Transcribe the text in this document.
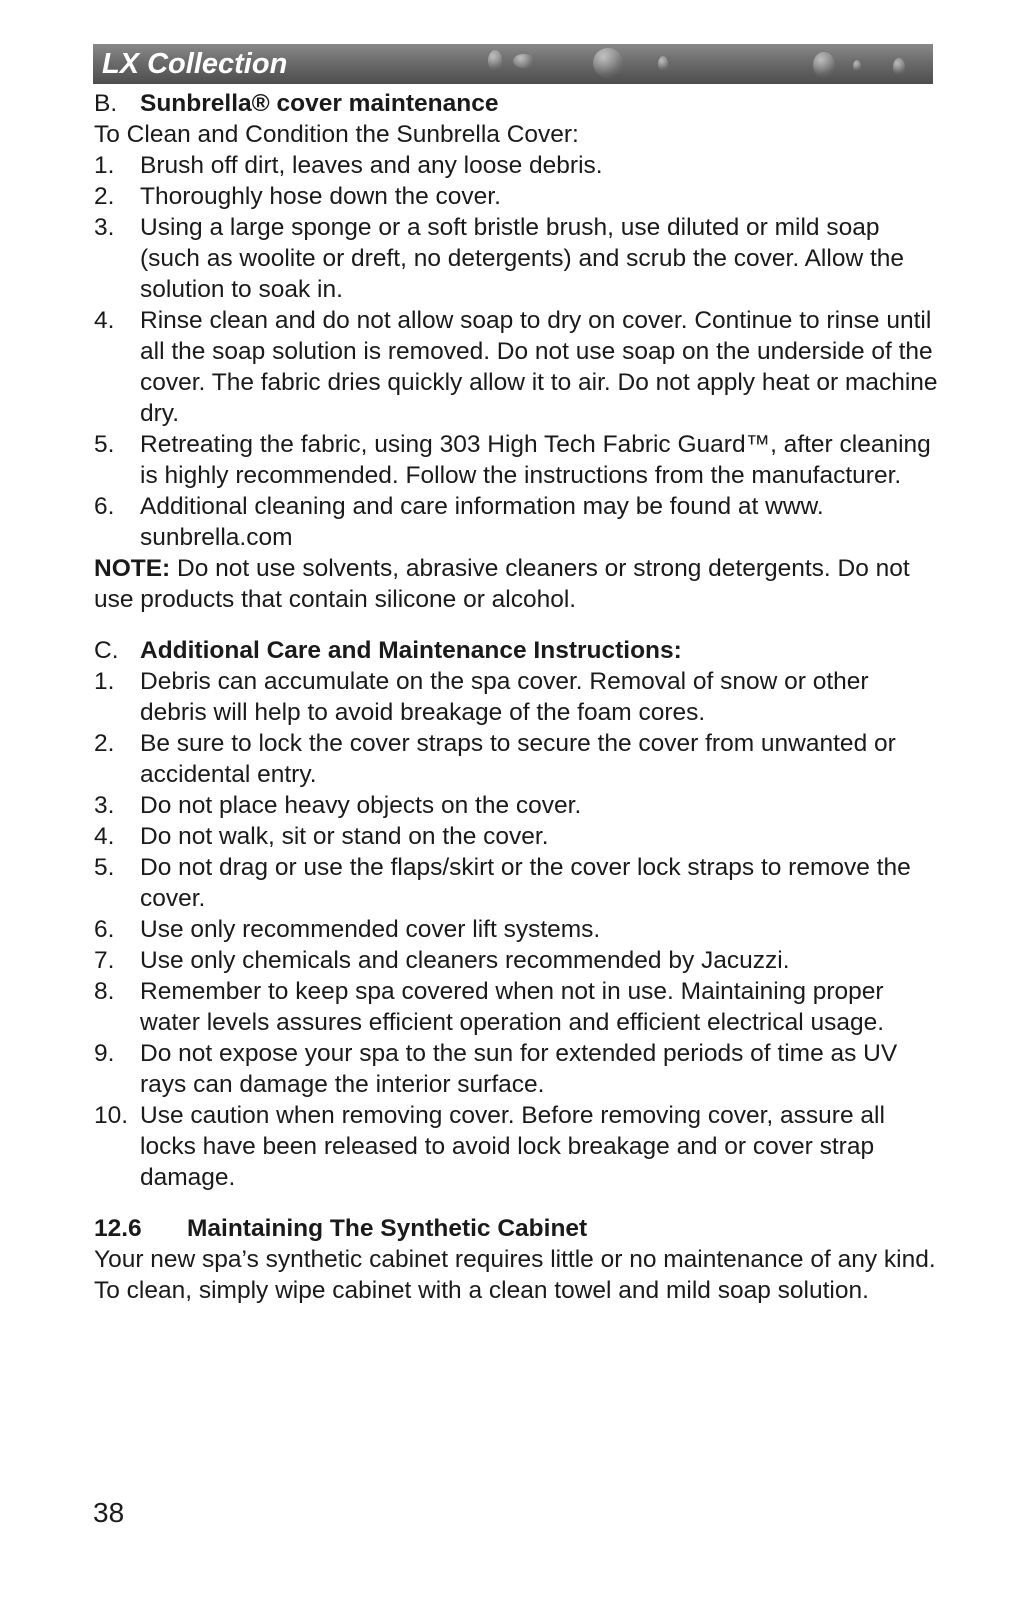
LX Collection
B. Sunbrella® cover maintenance

To Clean and Condition the Sunbrella Cover:

1.	Brush off dirt, leaves and any loose debris.
2.	Thoroughly hose down the cover.
3.	Using a large sponge or a soft bristle brush, use diluted or mild soap (such as woolite or dreft, no detergents) and scrub the cover. Allow the solution to soak in.
4.	Rinse clean and do not allow soap to dry on cover. Continue to rinse until all the soap solution is removed. Do not use soap on the underside of the cover. The fabric dries quickly allow it to air. Do not apply heat or machine dry.
5.	Retreating the fabric, using 303 High Tech Fabric Guard™, after cleaning is highly recommended. Follow the instructions from the manufacturer.
6.	Additional cleaning and care information may be found at www. sunbrella.com

NOTE: Do not use solvents, abrasive cleaners or strong detergents. Do not use products that contain silicone or alcohol.

C. Additional Care and Maintenance Instructions:
1.	Debris can accumulate on the spa cover. Removal of snow or other debris will help to avoid breakage of the foam cores.
2.	Be sure to lock the cover straps to secure the cover from unwanted or accidental entry.
3.	Do not place heavy objects on the cover.
4.	Do not walk, sit or stand on the cover.
5.	Do not drag or use the flaps/skirt or the cover lock straps to remove the cover.
6.	Use only recommended cover lift systems.
7.	Use only chemicals and cleaners recommended by Jacuzzi.
8.	Remember to keep spa covered when not in use. Maintaining proper water levels assures efficient operation and efficient electrical usage.
9.	Do not expose your spa to the sun for extended periods of time as UV rays can damage the interior surface.
10. Use caution when removing cover. Before removing cover, assure all locks have been released to avoid lock breakage and or cover strap damage.
12.6	Maintaining The Synthetic Cabinet

Your new spa’s synthetic cabinet requires little or no maintenance of any kind. To clean, simply wipe cabinet with a clean towel and mild soap solution.

38
